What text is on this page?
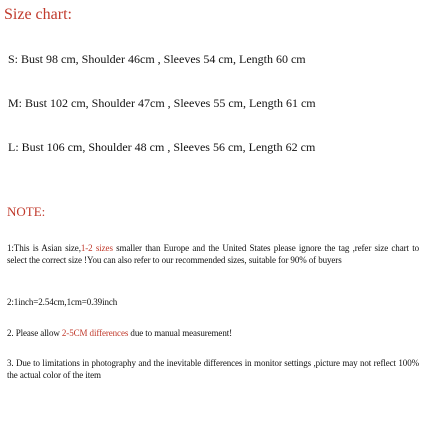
Size chart:
S: Bust 98 cm, Shoulder 46cm , Sleeves 54 cm, Length 60 cm
M: Bust 102 cm, Shoulder 47cm , Sleeves 55 cm, Length 61 cm
L: Bust 106 cm, Shoulder 48 cm , Sleeves 56 cm, Length 62 cm
NOTE:
1:This is Asian size,1-2 sizes smaller than Europe and the United States please ignore the tag ,refer size chart to select the correct size !You can also refer to our recommended sizes, suitable for 90% of buyers
2:1inch=2.54cm,1cm=0.39inch
2. Please allow 2-5CM differences due to manual measurement!
3. Due to limitations in photography and the inevitable differences in monitor settings ,picture may not reflect 100% the actual color of the item
